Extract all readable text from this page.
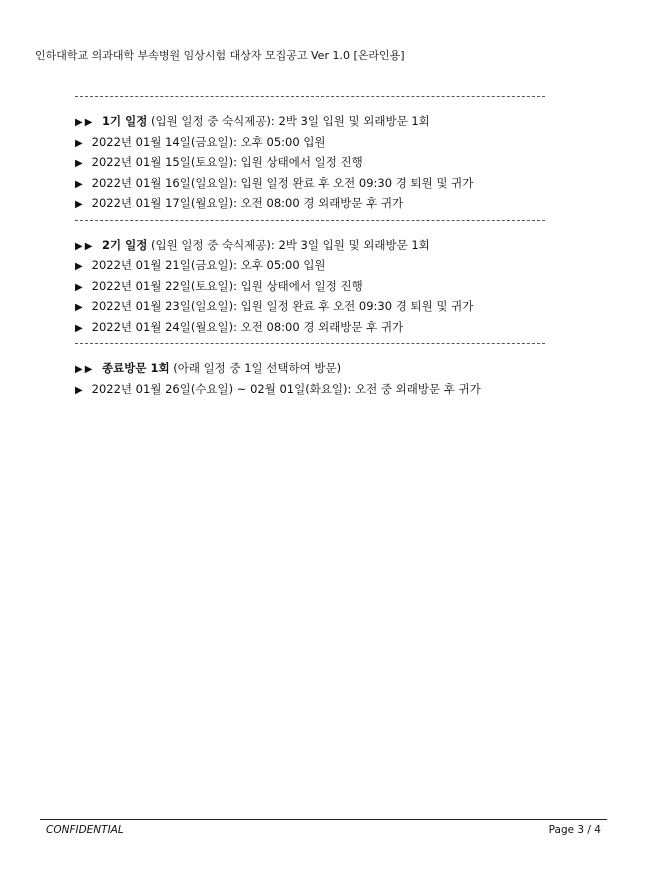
인하대학교 의과대학 부속병원 임상시험 대상자 모집공고 Ver 1.0 [온라인용]
▶▶ 1기 일정 (입원 일정 중 숙식제공): 2박 3일 입원 및 외래방문 1회
▶ 2022년 01월 14일(금요일): 오후 05:00 입원
▶ 2022년 01월 15일(토요일): 입원 상태에서 일정 진행
▶ 2022년 01월 16일(일요일): 입원 일정 완료 후 오전 09:30 경 퇴원 및 귀가
▶ 2022년 01월 17일(월요일): 오전 08:00 경 외래방문 후 귀가
▶▶ 2기 일정 (입원 일정 중 숙식제공): 2박 3일 입원 및 외래방문 1회
▶ 2022년 01월 21일(금요일): 오후 05:00 입원
▶ 2022년 01월 22일(토요일): 입원 상태에서 일정 진행
▶ 2022년 01월 23일(일요일): 입원 일정 완료 후 오전 09:30 경 퇴원 및 귀가
▶ 2022년 01월 24일(월요일): 오전 08:00 경 외래방문 후 귀가
▶▶ 종료방문 1회 (아래 일정 중 1일 선택하여 방문)
▶ 2022년 01월 26일(수요일) ~ 02월 01일(화요일): 오전 중 외래방문 후 귀가
CONFIDENTIAL	Page 3 / 4
